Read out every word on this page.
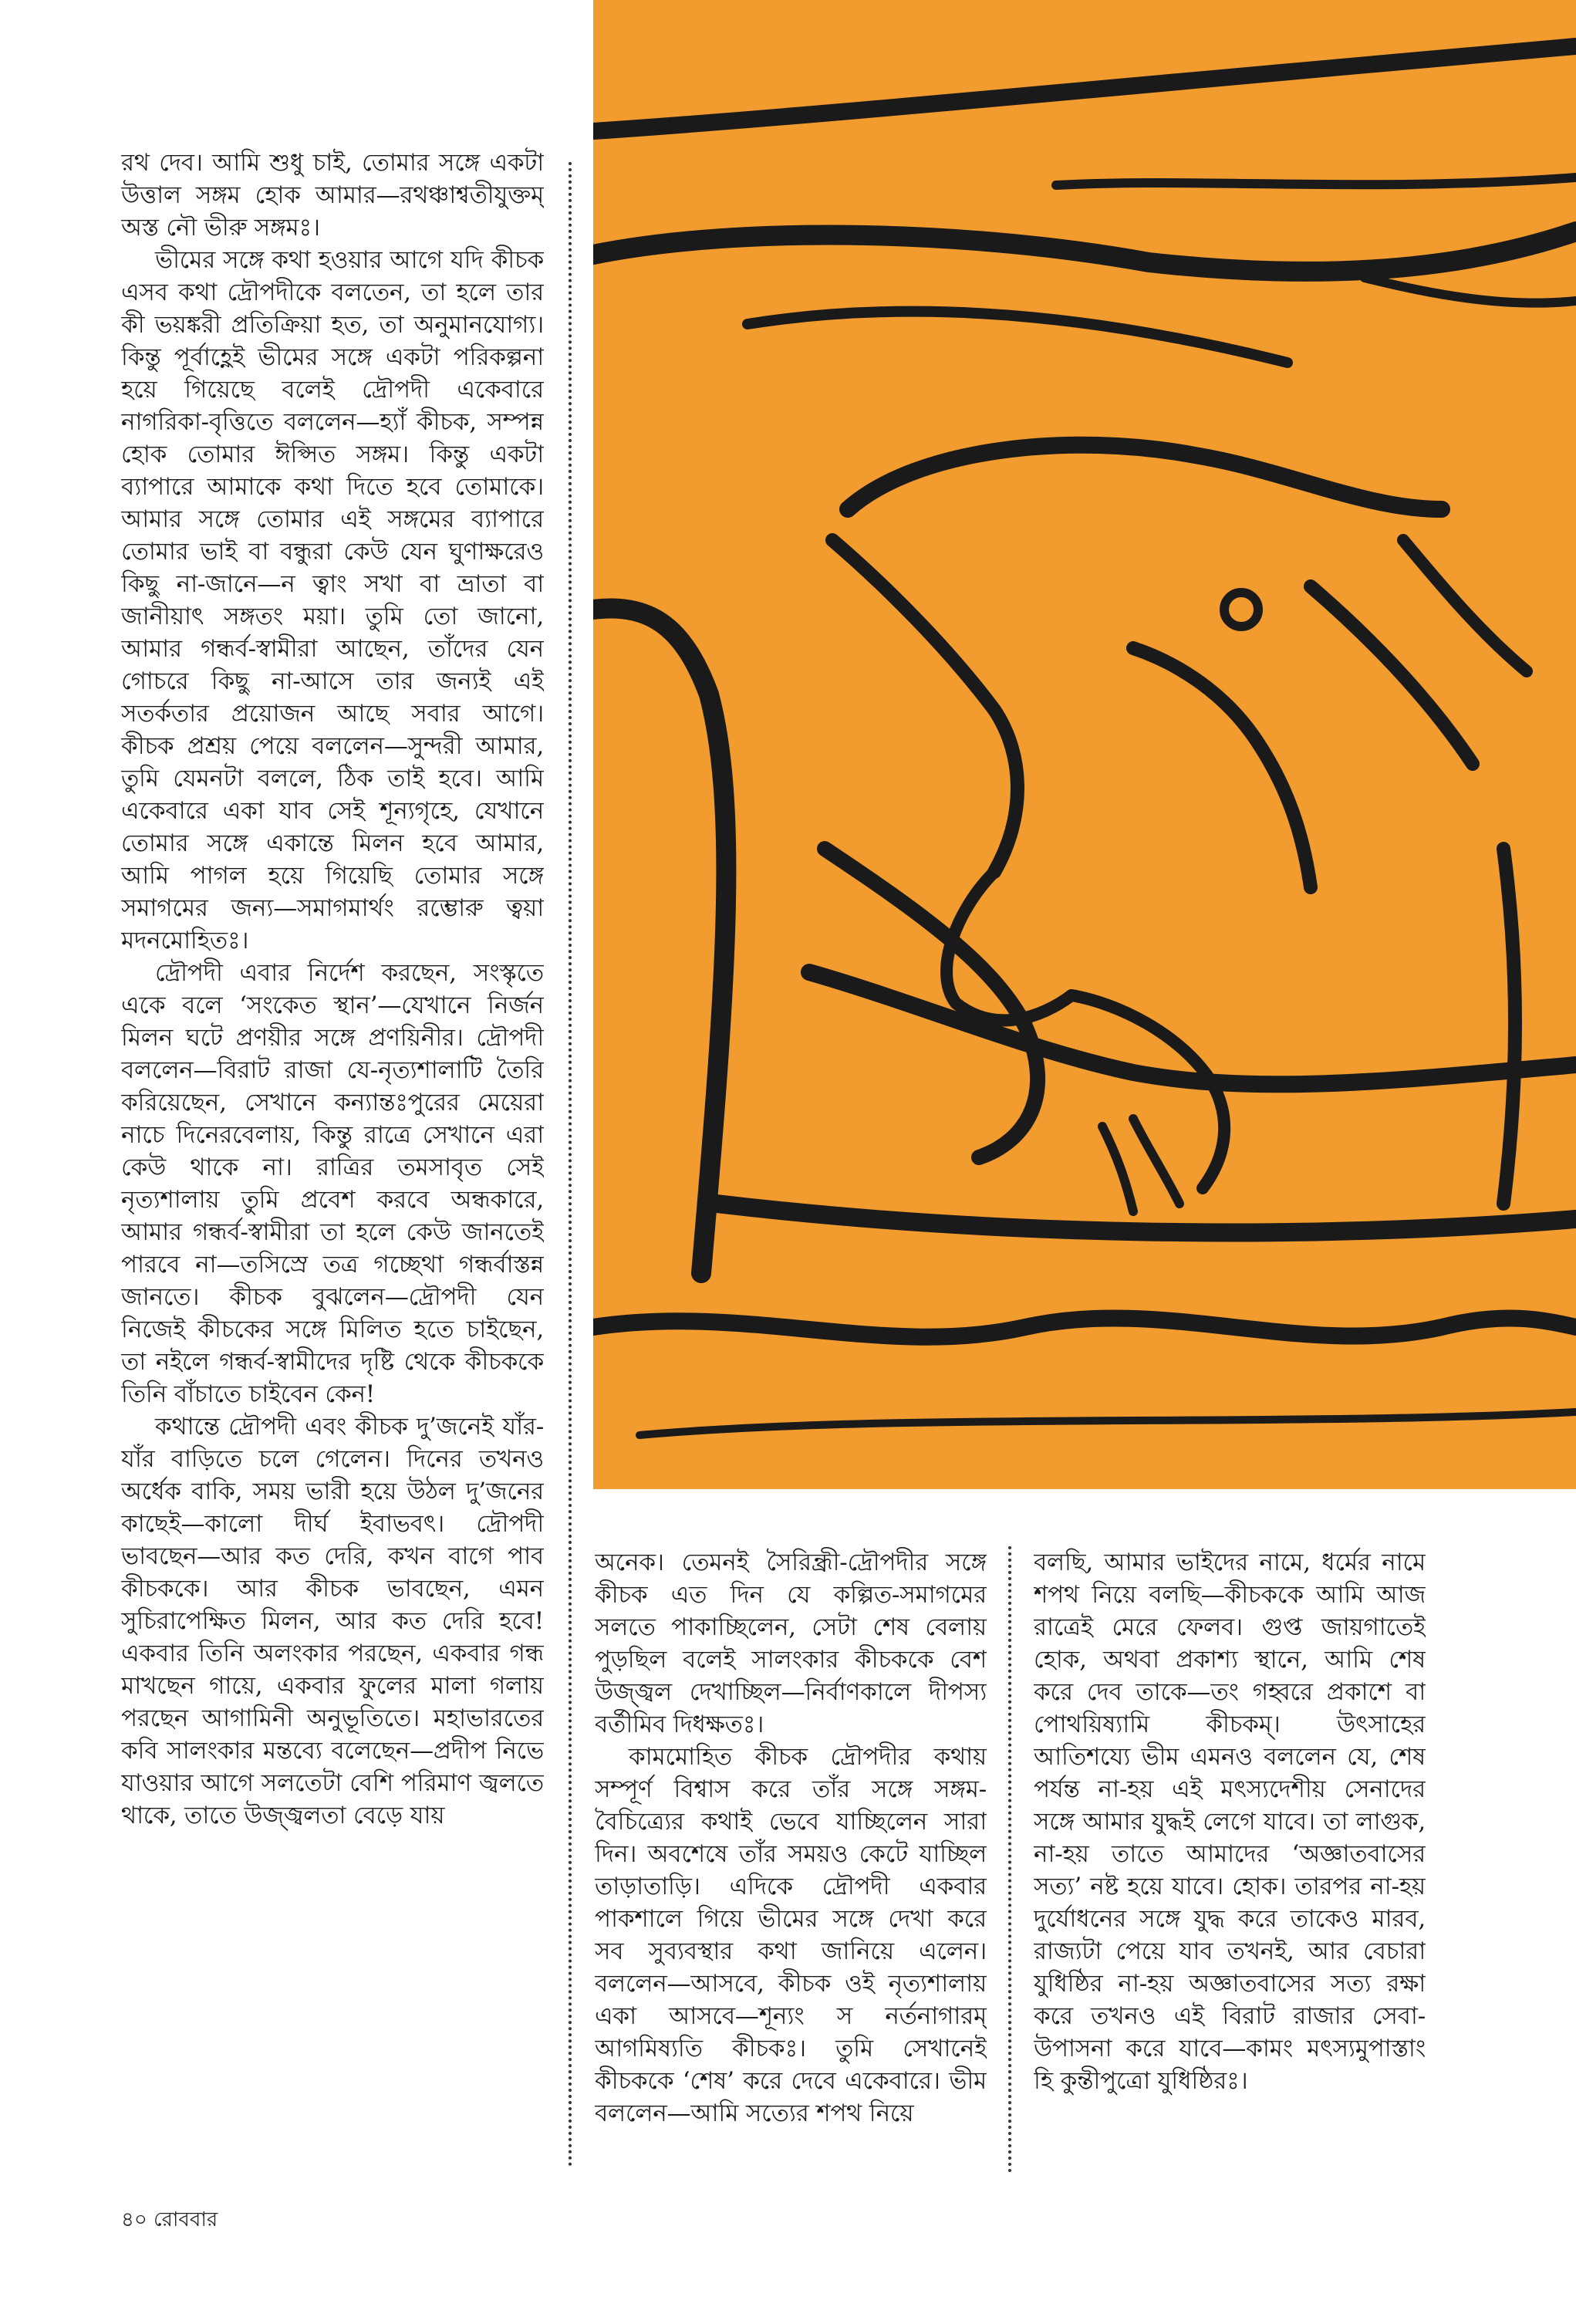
রথ দেব। আমি শুধু চাই, তোমার সঙ্গে একটা উত্তাল সঙ্গম হোক আমার—রথঞ্চাশ্বতীযুক্তম্‌ অস্ত নৌ ভীরু সঙ্গমঃ।

ভীমের সঙ্গে কথা হওয়ার আগে যদি কীচক এসব কথা দ্রৌপদীকে বলতেন, তা হলে তার কী ভয়ঙ্করী প্রতিক্রিয়া হত, তা অনুমানযোগ্য। কিন্তু পূর্বাহ্ণেই ভীমের সঙ্গে একটা পরিকল্পনা হয়ে গিয়েছে বলেই দ্রৌপদী একেবারে নাগরিকা-বৃত্তিতে বললেন—হ্যাঁ কীচক, সম্পন্ন হোক তোমার ঈপ্সিত সঙ্গম। কিন্তু একটা ব্যাপারে আমাকে কথা দিতে হবে তোমাকে। আমার সঙ্গে তোমার এই সঙ্গমের ব্যাপারে তোমার ভাই বা বন্ধুরা কেউ যেন ঘুণাক্ষরেও কিছু না-জানে—ন ত্বাং সখা বা ভ্রাতা বা জানীয়াৎ সঙ্গতং ময়া। তুমি তো জানো, আমার গন্ধর্ব-স্বামীরা আছেন, তাঁদের যেন গোচরে কিছু না-আসে তার জন্যই এই সতর্কতার প্রয়োজন আছে সবার আগে। কীচক প্রশ্রয় পেয়ে বললেন—সুন্দরী আমার, তুমি যেমনটা বললে, ঠিক তাই হবে। আমি একেবারে একা যাব সেই শূন্যগৃহে, যেখানে তোমার সঙ্গে একান্তে মিলন হবে আমার, আমি পাগল হয়ে গিয়েছি তোমার সঙ্গে সমাগমের জন্য—সমাগমার্থং রম্ভোরু ত্বয়া মদনমোহিতঃ।

দ্রৌপদী এবার নির্দেশ করছেন, সংস্কৃতে একে বলে ‘সংকেত স্থান’—যেখানে নির্জন মিলন ঘটে প্রণয়ীর সঙ্গে প্রণয়িনীর। দ্রৌপদী বললেন—বিরাট রাজা যে-নৃত্যশালাটি তৈরি করিয়েছেন, সেখানে কন্যান্তঃপুরের মেয়েরা নাচে দিনেরবেলায়, কিন্তু রাত্রে সেখানে এরা কেউ থাকে না। রাত্রির তমসাবৃত সেই নৃত্যশালায় তুমি প্রবেশ করবে অন্ধকারে, আমার গন্ধর্ব-স্বামীরা তা হলে কেউ জানতেই পারবে না—তসিস্রে তত্র গচ্ছেথা গন্ধর্বাস্তন্ন জানতে। কীচক বুঝলেন—দ্রৌপদী যেন নিজেই কীচকের সঙ্গে মিলিত হতে চাইছেন, তা নইলে গন্ধর্ব-স্বামীদের দৃষ্টি থেকে কীচককে তিনি বাঁচাতে চাইবেন কেন!

কথান্তে দ্রৌপদী এবং কীচক দু’জনেই যাঁর-যাঁর বাড়িতে চলে গেলেন। দিনের তখনও অর্ধেক বাকি, সময় ভারী হয়ে উঠল দু’জনের কাছেই—কালো দীর্ঘ ইবাভবৎ। দ্রৌপদী ভাবছেন—আর কত দেরি, কখন বাগে পাব কীচককে। আর কীচক ভাবছেন, এমন সুচিরাপেক্ষিত মিলন, আর কত দেরি হবে! একবার তিনি অলংকার পরছেন, একবার গন্ধ মাখছেন গায়ে, একবার ফুলের মালা গলায় পরছেন আগামিনী অনুভূতিতে। মহাভারতের কবি সালংকার মন্তব্যে বলেছেন—প্রদীপ নিভে যাওয়ার আগে সলতেটা বেশি পরিমাণ জ্বলতে থাকে, তাতে উজ্জ্বলতা বেড়ে যায়

অনেক। তেমনই সৈরিন্ধ্রী-দ্রৌপদীর সঙ্গে কীচক এত দিন যে কল্পিত-সমাগমের সলতে পাকাচ্ছিলেন, সেটা শেষ বেলায় পুড়ছিল বলেই সালংকার কীচককে বেশ উজ্জ্বল দেখাচ্ছিল—নির্বাণকালে দীপস্য বর্তীমিব দিধক্ষতঃ।

কামমোহিত কীচক দ্রৌপদীর কথায় সম্পূর্ণ বিশ্বাস করে তাঁর সঙ্গে সঙ্গম-বৈচিত্র্যের কথাই ভেবে যাচ্ছিলেন সারা দিন। অবশেষে তাঁর সময়ও কেটে যাচ্ছিল তাড়াতাড়ি। এদিকে দ্রৌপদী একবার পাকশালে গিয়ে ভীমের সঙ্গে দেখা করে সব সুব্যবস্থার কথা জানিয়ে এলেন। বললেন—আসবে, কীচক ওই নৃত্যশালায় একা আসবে—শূন্যং স নর্তনাগারম্‌ আগমিষ্যতি কীচকঃ। তুমি সেখানেই কীচককে ‘শেষ’ করে দেবে একেবারে। ভীম বললেন—আমি সত্যের শপথ নিয়ে

বলছি, আমার ভাইদের নামে, ধর্মের নামে শপথ নিয়ে বলছি—কীচককে আমি আজ রাত্রেই মেরে ফেলব। গুপ্ত জায়গাতেই হোক, অথবা প্রকাশ্য স্থানে, আমি শেষ করে দেব তাকে—তং গহ্বরে প্রকাশে বা পোথয়িষ্যামি কীচকম্‌। উৎসাহের আতিশয্যে ভীম এমনও বললেন যে, শেষ পর্যন্ত না-হয় এই মৎস্যদেশীয় সেনাদের সঙ্গে আমার যুদ্ধই লেগে যাবে। তা লাগুক, না-হয় তাতে আমাদের ‘অজ্ঞাতবাসের সত্য’ নষ্ট হয়ে যাবে। হোক। তারপর না-হয় দুর্যোধনের সঙ্গে যুদ্ধ করে তাকেও মারব, রাজ্যটা পেয়ে যাব তখনই, আর বেচারা যুধিষ্ঠির না-হয় অজ্ঞাতবাসের সত্য রক্ষা করে তখনও এই বিরাট রাজার সেবা-উপাসনা করে যাবে—কামং মৎস্যমুপাস্তাং হি কুন্তীপুত্রো যুধিষ্ঠিরঃ।

৪০ রোববার
